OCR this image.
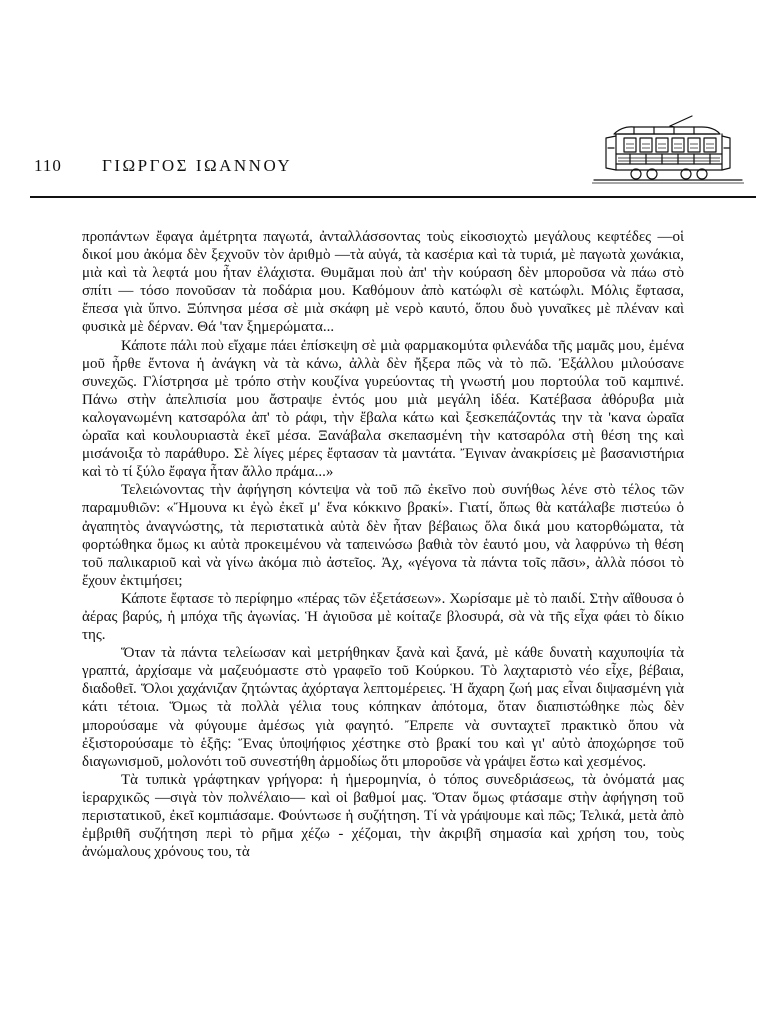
110 ΓΙΩΡΓΟΣ ΙΩΑΝΝΟΥ

προπάντων ἔφαγα ἀμέτρητα παγωτά, ἀνταλλάσσοντας τοὺς εἰκοσιοχτὼ μεγάλους κεφτέδες —οἱ δικοί μου ἀκόμα δὲν ξεχνοῦν τὸν ἀριθμὸ —τὰ αὐγά, τὰ κασέρια καὶ τὰ τυριά, μὲ παγωτὰ χωνάκια, μιὰ καὶ τὰ λεφτά μου ἦταν ἐλάχιστα. Θυμᾶμαι ποὺ ἀπ' τὴν κούραση δὲν μποροῦσα νὰ πάω στὸ σπίτι — τόσο πονοῦσαν τὰ ποδάρια μου. Καθόμουν ἀπὸ κατώφλι σὲ κατώφλι. Μόλις ἔφτασα, ἔπεσα γιὰ ὕπνο. Ξύπνησα μέσα σὲ μιὰ σκάφη μὲ νερὸ καυτό, ὅπου δυὸ γυναῖκες μὲ πλέναν καὶ φυσικὰ μὲ δέρναν. Θά 'ταν ξημερώματα...

Κάποτε πάλι ποὺ εἴχαμε πάει ἐπίσκεψη σὲ μιὰ φαρμακομύτα φιλενάδα τῆς μαμᾶς μου, ἐμένα μοῦ ἦρθε ἔντονα ἡ ἀνάγκη νὰ τὰ κάνω, ἀλλὰ δὲν ἤξερα πῶς νὰ τὸ πῶ. Ἐξάλλου μιλούσανε συνεχῶς. Γλίστρησα μὲ τρόπο στὴν κουζίνα γυρεύοντας τὴ γνωστή μου πορτούλα τοῦ καμπινέ. Πάνω στὴν ἀπελπισία μου ἄστραψε ἐντός μου μιὰ μεγάλη ἰδέα. Κατέβασα ἀθόρυβα μιὰ καλογανωμένη κατσαρόλα ἀπ' τὸ ράφι, τὴν ἔβαλα κάτω καὶ ξεσκεπάζοντάς την τὰ 'κανα ὡραῖα ὡραῖα καὶ κουλουριαστὰ ἐκεῖ μέσα. Ξανάβαλα σκεπασμένη τὴν κατσαρόλα στὴ θέση της καὶ μισάνοιξα τὸ παράθυρο. Σὲ λίγες μέρες ἔφτασαν τὰ μαντάτα. Ἔγιναν ἀνακρίσεις μὲ βασανιστήρια καὶ τὸ τί ξύλο ἔφαγα ἦταν ἄλλο πράμα...»

Τελειώνοντας τὴν ἀφήγηση κόντεψα νὰ τοῦ πῶ ἐκεῖνο ποὺ συνήθως λένε στὸ τέλος τῶν παραμυθιῶν: «Ἤμουνα κι ἐγὼ ἐκεῖ μ' ἕνα κόκκινο βρακί». Γιατί, ὅπως θὰ κατάλαβε πιστεύω ὁ ἀγαπητὸς ἀναγνώστης, τὰ περιστατικὰ αὐτὰ δὲν ἦταν βέβαιως ὅλα δικά μου κατορθώματα, τὰ φορτώθηκα ὅμως κι αὐτὰ προκειμένου νὰ ταπεινώσω βαθιὰ τὸν ἑαυτό μου, νὰ λαφρύνω τὴ θέση τοῦ παλικαριοῦ καὶ νὰ γίνω ἀκόμα πιὸ ἀστεῖος. Ἀχ, «γέγονα τὰ πάντα τοῖς πᾶσι», ἀλλὰ πόσοι τὸ ἔχουν ἐκτιμήσει;

Κάποτε ἔφτασε τὸ περίφημο «πέρας τῶν ἐξετάσεων». Χωρίσαμε μὲ τὸ παιδί. Στὴν αἴθουσα ὁ ἀέρας βαρύς, ἡ μπόχα τῆς ἀγωνίας. Ἡ ἁγιοῦσα μὲ κοίταζε βλοσυρά, σὰ νὰ τῆς εἶχα φάει τὸ δίκιο της.

Ὅταν τὰ πάντα τελείωσαν καὶ μετρήθηκαν ξανὰ καὶ ξανά, μὲ κάθε δυνατὴ καχυποψία τὰ γραπτά, ἀρχίσαμε νὰ μαζευόμαστε στὸ γραφεῖο τοῦ Κούρκου. Τὸ λαχταριστὸ νέο εἶχε, βέβαια, διαδοθεῖ. Ὅλοι χαχάνιζαν ζητώντας ἀχόρταγα λεπτομέρειες. Ἡ ἄχαρη ζωή μας εἶναι διψασμένη γιὰ κάτι τέτοια. Ὅμως τὰ πολλὰ γέλια τους κόπηκαν ἀπότομα, ὅταν διαπιστώθηκε πὼς δὲν μπορούσαμε νὰ φύγουμε ἀμέσως γιὰ φαγητό. Ἔπρεπε νὰ συνταχτεῖ πρακτικὸ ὅπου νὰ ἐξιστορούσαμε τὸ ἑξῆς: Ἕνας ὑποψήφιος χέστηκε στὸ βρακί του καὶ γι' αὐτὸ ἀποχώρησε τοῦ διαγωνισμοῦ, μολονότι τοῦ συνεστήθη ἁρμοδίως ὅτι μποροῦσε νὰ γράψει ἔστω καὶ χεσμένος.

Τὰ τυπικὰ γράφτηκαν γρήγορα: ἡ ἡμερομηνία, ὁ τόπος συνεδριάσεως, τὰ ὀνόματά μας ἱεραρχικῶς —σιγὰ τὸν πολνέλαιο— καὶ οἱ βαθμοί μας. Ὅταν ὅμως φτάσαμε στὴν ἀφήγηση τοῦ περιστατικοῦ, ἐκεῖ κομπιάσαμε. Φούντωσε ἡ συζήτηση. Τί νὰ γράψουμε καὶ πῶς; Τελικά, μετὰ ἀπὸ ἐμβριθῆ συζήτηση περὶ τὸ ρῆμα χέζω - χέζομαι, τὴν ἀκριβῆ σημασία καὶ χρήση του, τοὺς ἀνώμαλους χρόνους του, τὰ
